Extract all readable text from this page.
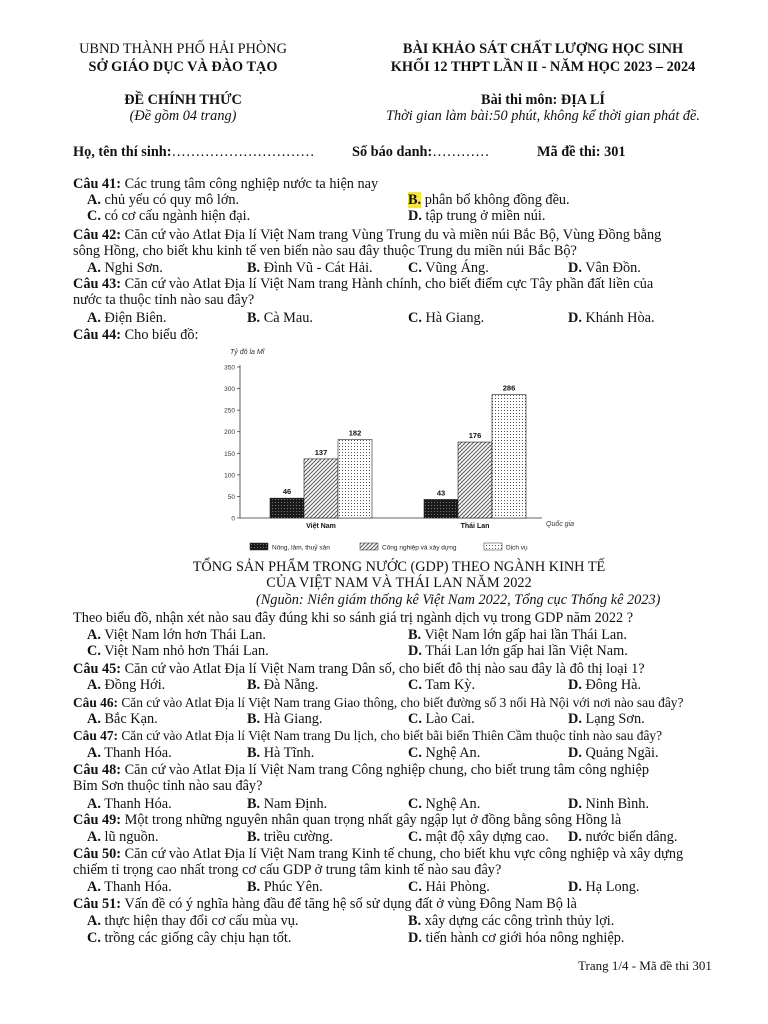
UBND THÀNH PHỐ HẢI PHÒNG
SỞ GIÁO DỤC VÀ ĐÀO TẠO
BÀI KHẢO SÁT CHẤT LƯỢNG HỌC SINH
KHỐI 12 THPT LẦN II - NĂM HỌC 2023 – 2024
ĐỀ CHÍNH THỨC
(Đề gồm 04 trang)
Bài thi môn: ĐỊA LÍ
Thời gian làm bài:50 phút, không kể thời gian phát đề.
Họ, tên thí sinh:…………………………	Số báo danh:…………	Mã đề thi: 301
Câu 41: Các trung tâm công nghiệp nước ta hiện nay
A. chủ yếu có quy mô lớn.	B. phân bố không đồng đều.
C. có cơ cấu ngành hiện đại.	D. tập trung ở miền núi.
Câu 42: Căn cứ vào Atlat Địa lí Việt Nam trang Vùng Trung du và miền núi Bắc Bộ, Vùng Đồng bằng
sông Hồng, cho biết khu kinh tế ven biển nào sau đây thuộc Trung du miền núi Bắc Bộ?
A. Nghi Sơn.	B. Đình Vũ - Cát Hải. C. Vũng Áng.	D. Vân Đồn.
Câu 43: Căn cứ vào Atlat Địa lí Việt Nam trang Hành chính, cho biết điểm cực Tây phần đất liền của
nước ta thuộc tỉnh nào sau đây?
A. Điện Biên.	B. Cà Mau.	C. Hà Giang.	D. Khánh Hòa.
Câu 44: Cho biểu đồ:
Tỷ đô la Mĩ
Quốc gia
0
50
100
150
200
250
300
350
46
137
182
Việt Nam
43
176
286
Thái Lan
Nông, lâm, thuỷ sản	Công nghiệp và xây dựng	Dịch vụ
TỔNG SẢN PHẨM TRONG NƯỚC (GDP) THEO NGÀNH KINH TẾ
CỦA VIỆT NAM VÀ THÁI LAN NĂM 2022
(Nguồn: Niên giám thống kê Việt Nam 2022, Tổng cục Thống kê 2023)
Theo biểu đồ, nhận xét nào sau đây đúng khi so sánh giá trị ngành dịch vụ trong GDP năm 2022 ?
A. Việt Nam lớn hơn Thái Lan.	B. Việt Nam lớn gấp hai lần Thái Lan.
C. Việt Nam nhỏ hơn Thái Lan.	D. Thái Lan lớn gấp hai lần Việt Nam.
Câu 45: Căn cứ vào Atlat Địa lí Việt Nam trang Dân số, cho biết đô thị nào sau đây là đô thị loại 1?
A. Đồng Hới.	B. Đà Nẵng.	C. Tam Kỳ.	D. Đông Hà.
Câu 46: Căn cứ vào Atlat Địa lí Việt Nam trang Giao thông, cho biết đường số 3 nối Hà Nội với nơi nào sau đây?
A. Bắc Kạn.	B. Hà Giang.	C. Lào Cai.	D. Lạng Sơn.
Câu 47: Căn cứ vào Atlat Địa lí Việt Nam trang Du lịch, cho biết bãi biển Thiên Cầm thuộc tỉnh nào sau đây?
A. Thanh Hóa.	B. Hà Tĩnh.	C. Nghệ An.	D. Quảng Ngãi.
Câu 48: Căn cứ vào Atlat Địa lí Việt Nam trang Công nghiệp chung, cho biết trung tâm công nghiệp
Bỉm Sơn thuộc tỉnh nào sau đây?
A. Thanh Hóa.	B. Nam Định.	C. Nghệ An.	D. Ninh Bình.
Câu 49: Một trong những nguyên nhân quan trọng nhất gây ngập lụt ở đồng bằng sông Hồng là
A. lũ nguồn.	B. triều cường.	C. mật độ xây dựng cao. D. nước biển dâng.
Câu 50: Căn cứ vào Atlat Địa lí Việt Nam trang Kinh tế chung, cho biết khu vực công nghiệp và xây dựng
chiếm tỉ trọng cao nhất trong cơ cấu GDP ở trung tâm kinh tế nào sau đây?
A. Thanh Hóa.	B. Phúc Yên.	C. Hải Phòng.	D. Hạ Long.
Câu 51: Vấn đề có ý nghĩa hàng đầu để tăng hệ số sử dụng đất ở vùng Đông Nam Bộ là
A. thực hiện thay đổi cơ cấu mùa vụ.	B. xây dựng các công trình thủy lợi.
C. trồng các giống cây chịu hạn tốt.	D. tiến hành cơ giới hóa nông nghiệp.
Trang 1/4 - Mã đề thi 301
